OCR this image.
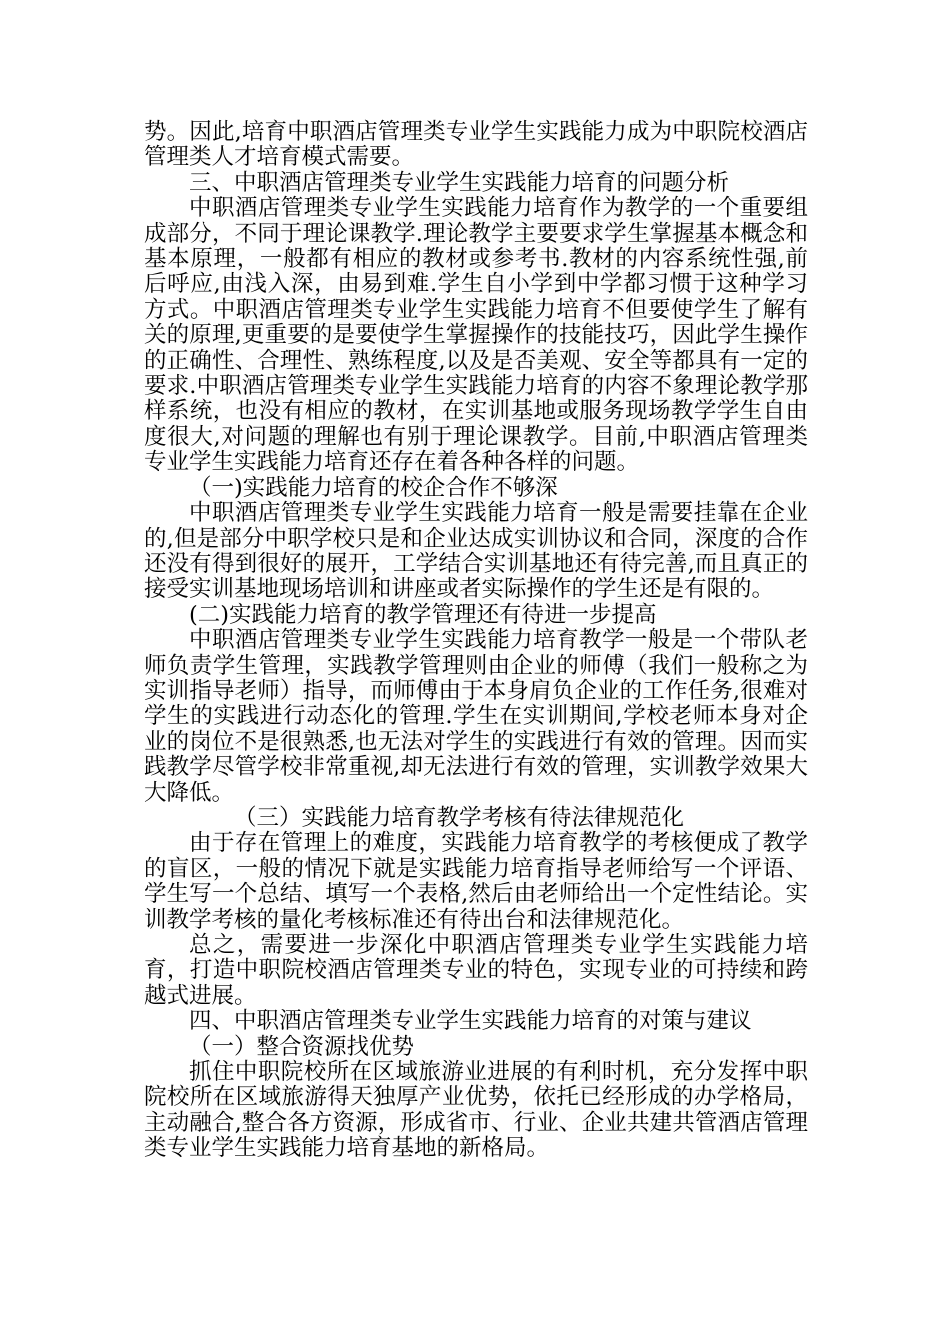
势。因此,培育中职酒店管理类专业学生实践能力成为中职院校酒店管理类人才培育模式需要。

三、中职酒店管理类专业学生实践能力培育的问题分析

中职酒店管理类专业学生实践能力培育作为教学的一个重要组成部分，不同于理论课教学.理论教学主要要求学生掌握基本概念和基本原理，一般都有相应的教材或参考书.教材的内容系统性强,前后呼应,由浅入深，由易到难.学生自小学到中学都习惯于这种学习方式。中职酒店管理类专业学生实践能力培育不但要使学生了解有关的原理,更重要的是要使学生掌握操作的技能技巧，因此学生操作的正确性、合理性、熟练程度,以及是否美观、安全等都具有一定的要求.中职酒店管理类专业学生实践能力培育的内容不象理论教学那样系统，也没有相应的教材，在实训基地或服务现场教学学生自由度很大,对问题的理解也有别于理论课教学。目前,中职酒店管理类专业学生实践能力培育还存在着各种各样的问题。

（一)实践能力培育的校企合作不够深

中职酒店管理类专业学生实践能力培育一般是需要挂靠在企业的,但是部分中职学校只是和企业达成实训协议和合同，深度的合作还没有得到很好的展开，工学结合实训基地还有待完善,而且真正的接受实训基地现场培训和讲座或者实际操作的学生还是有限的。

(二)实践能力培育的教学管理还有待进一步提高

中职酒店管理类专业学生实践能力培育教学一般是一个带队老师负责学生管理，实践教学管理则由企业的师傅（我们一般称之为实训指导老师）指导，而师傅由于本身肩负企业的工作任务,很难对学生的实践进行动态化的管理.学生在实训期间,学校老师本身对企业的岗位不是很熟悉,也无法对学生的实践进行有效的管理。因而实践教学尽管学校非常重视,却无法进行有效的管理，实训教学效果大大降低。

（三）实践能力培育教学考核有待法律规范化

由于存在管理上的难度，实践能力培育教学的考核便成了教学的盲区，一般的情况下就是实践能力培育指导老师给写一个评语、学生写一个总结、填写一个表格,然后由老师给出一个定性结论。实训教学考核的量化考核标准还有待出台和法律规范化。

总之，需要进一步深化中职酒店管理类专业学生实践能力培育，打造中职院校酒店管理类专业的特色，实现专业的可持续和跨越式进展。

四、中职酒店管理类专业学生实践能力培育的对策与建议

（一）整合资源找优势

抓住中职院校所在区域旅游业进展的有利时机，充分发挥中职院校所在区域旅游得天独厚产业优势，依托已经形成的办学格局，主动融合,整合各方资源，形成省市、行业、企业共建共管酒店管理类专业学生实践能力培育基地的新格局。
